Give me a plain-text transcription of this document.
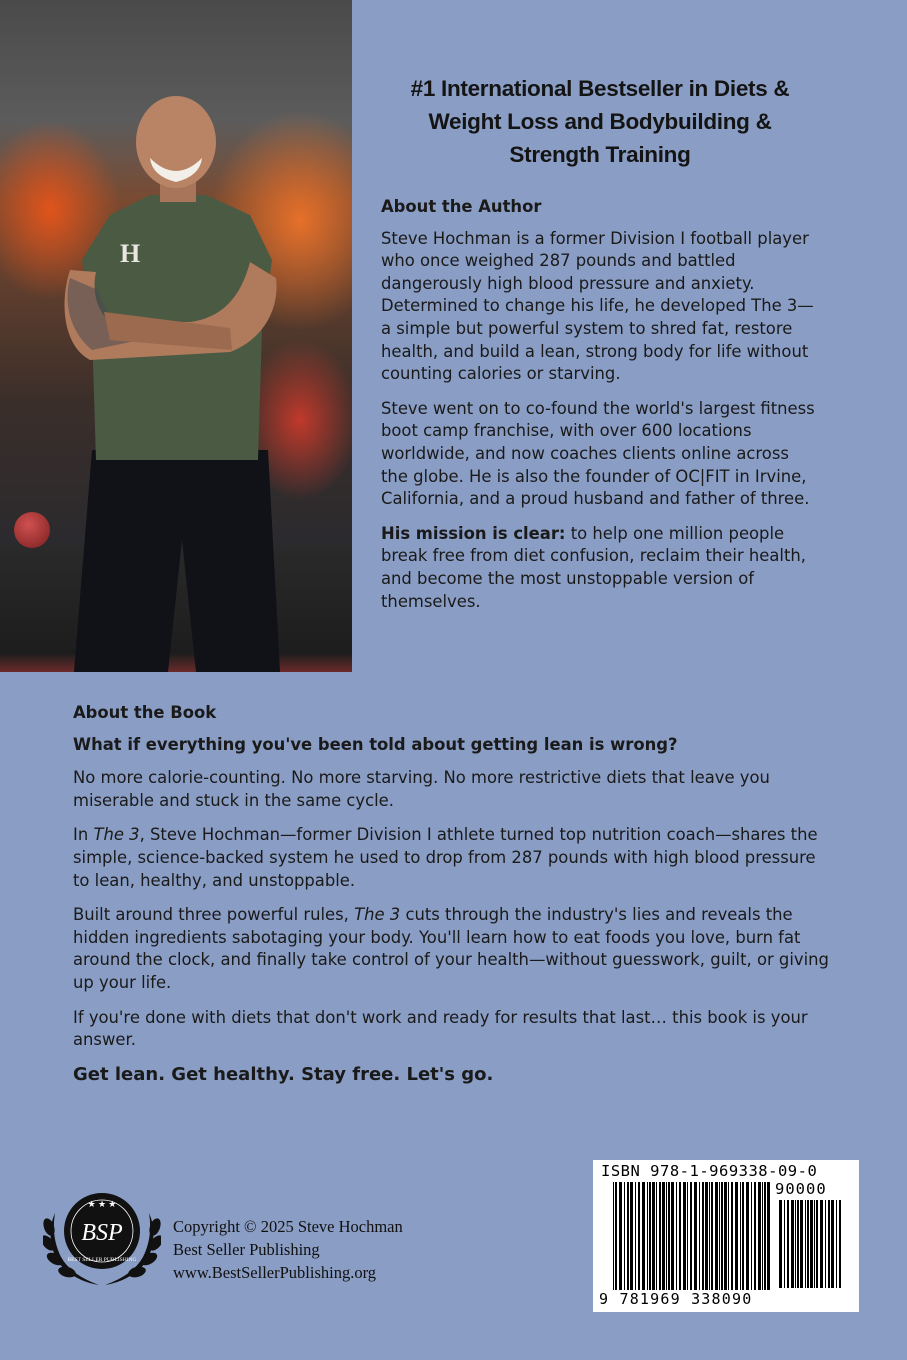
H
#1 International Bestseller in Diets & Weight Loss and Bodybuilding & Strength Training
About the Author

Steve Hochman is a former Division I football player who once weighed 287 pounds and battled dangerously high blood pressure and anxiety. Determined to change his life, he developed The 3—a simple but powerful system to shred fat, restore health, and build a lean, strong body for life without counting calories or starving.

Steve went on to co-found the world's largest fitness boot camp franchise, with over 600 locations worldwide, and now coaches clients online across the globe. He is also the founder of OC|FIT in Irvine, California, and a proud husband and father of three.

His mission is clear: to help one million people break free from diet confusion, reclaim their health, and become the most unstoppable version of themselves.

About the Book

What if everything you've been told about getting lean is wrong?

No more calorie-counting. No more starving. No more restrictive diets that leave you miserable and stuck in the same cycle.

In The 3, Steve Hochman—former Division I athlete turned top nutrition coach—shares the simple, science-backed system he used to drop from 287 pounds with high blood pressure to lean, healthy, and unstoppable.

Built around three powerful rules, The 3 cuts through the industry's lies and reveals the hidden ingredients sabotaging your body. You'll learn how to eat foods you love, burn fat around the clock, and finally take control of your health—without guesswork, guilt, or giving up your life.

If you're done with diets that don't work and ready for results that last… this book is your answer.

Get lean. Get healthy. Stay free. Let's go.

BSP
★ ★ ★
BEST SELLER PUBLISHING
Copyright © 2025 Steve Hochman
Best Seller Publishing
www.BestSellerPublishing.org
ISBN 978-1-969338-09-0
90000
9 781969 338090
